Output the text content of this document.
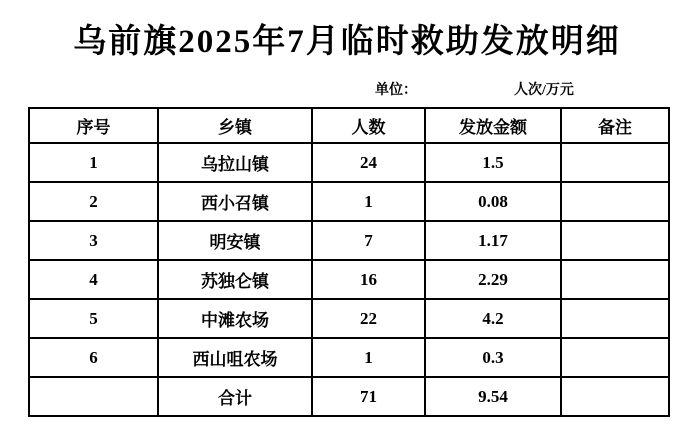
乌前旗2025年7月临时救助发放明细
单位：	人次/万元
序号	乡镇	人数	发放金额	备注
1	乌拉山镇	24	1.5	
2	西小召镇	1	0.08	
3	明安镇	7	1.17	
4	苏独仑镇	16	2.29	
5	中滩农场	22	4.2	
6	西山咀农场	1	0.3	
	合计	71	9.54	
